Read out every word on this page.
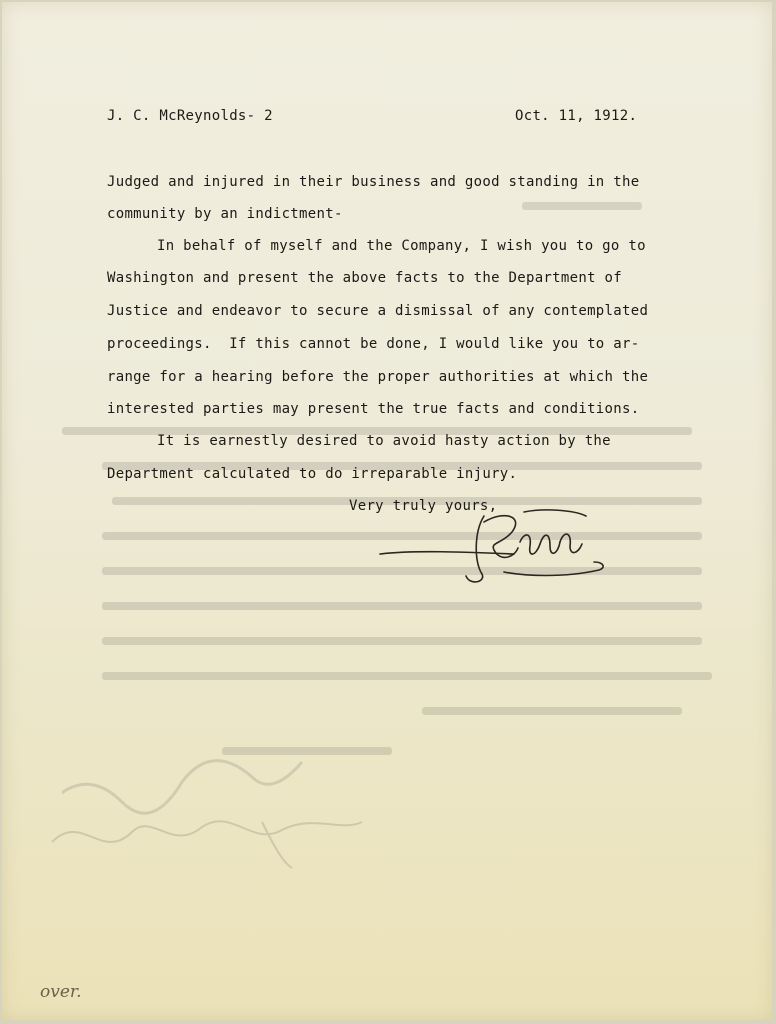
J. C. McReynolds- 2	Oct. 11, 1912.
Judged and injured in their business and good standing in the
community by an indictment-
In behalf of myself and the Company, I wish you to go to
Washington and present the above facts to the Department of
Justice and endeavor to secure a dismissal of any contemplated
proceedings.  If this cannot be done, I would like you to ar-
range for a hearing before the proper authorities at which the
interested parties may present the true facts and conditions.
It is earnestly desired to avoid hasty action by the
Department calculated to do irreparable injury.
Very truly yours,
over.
